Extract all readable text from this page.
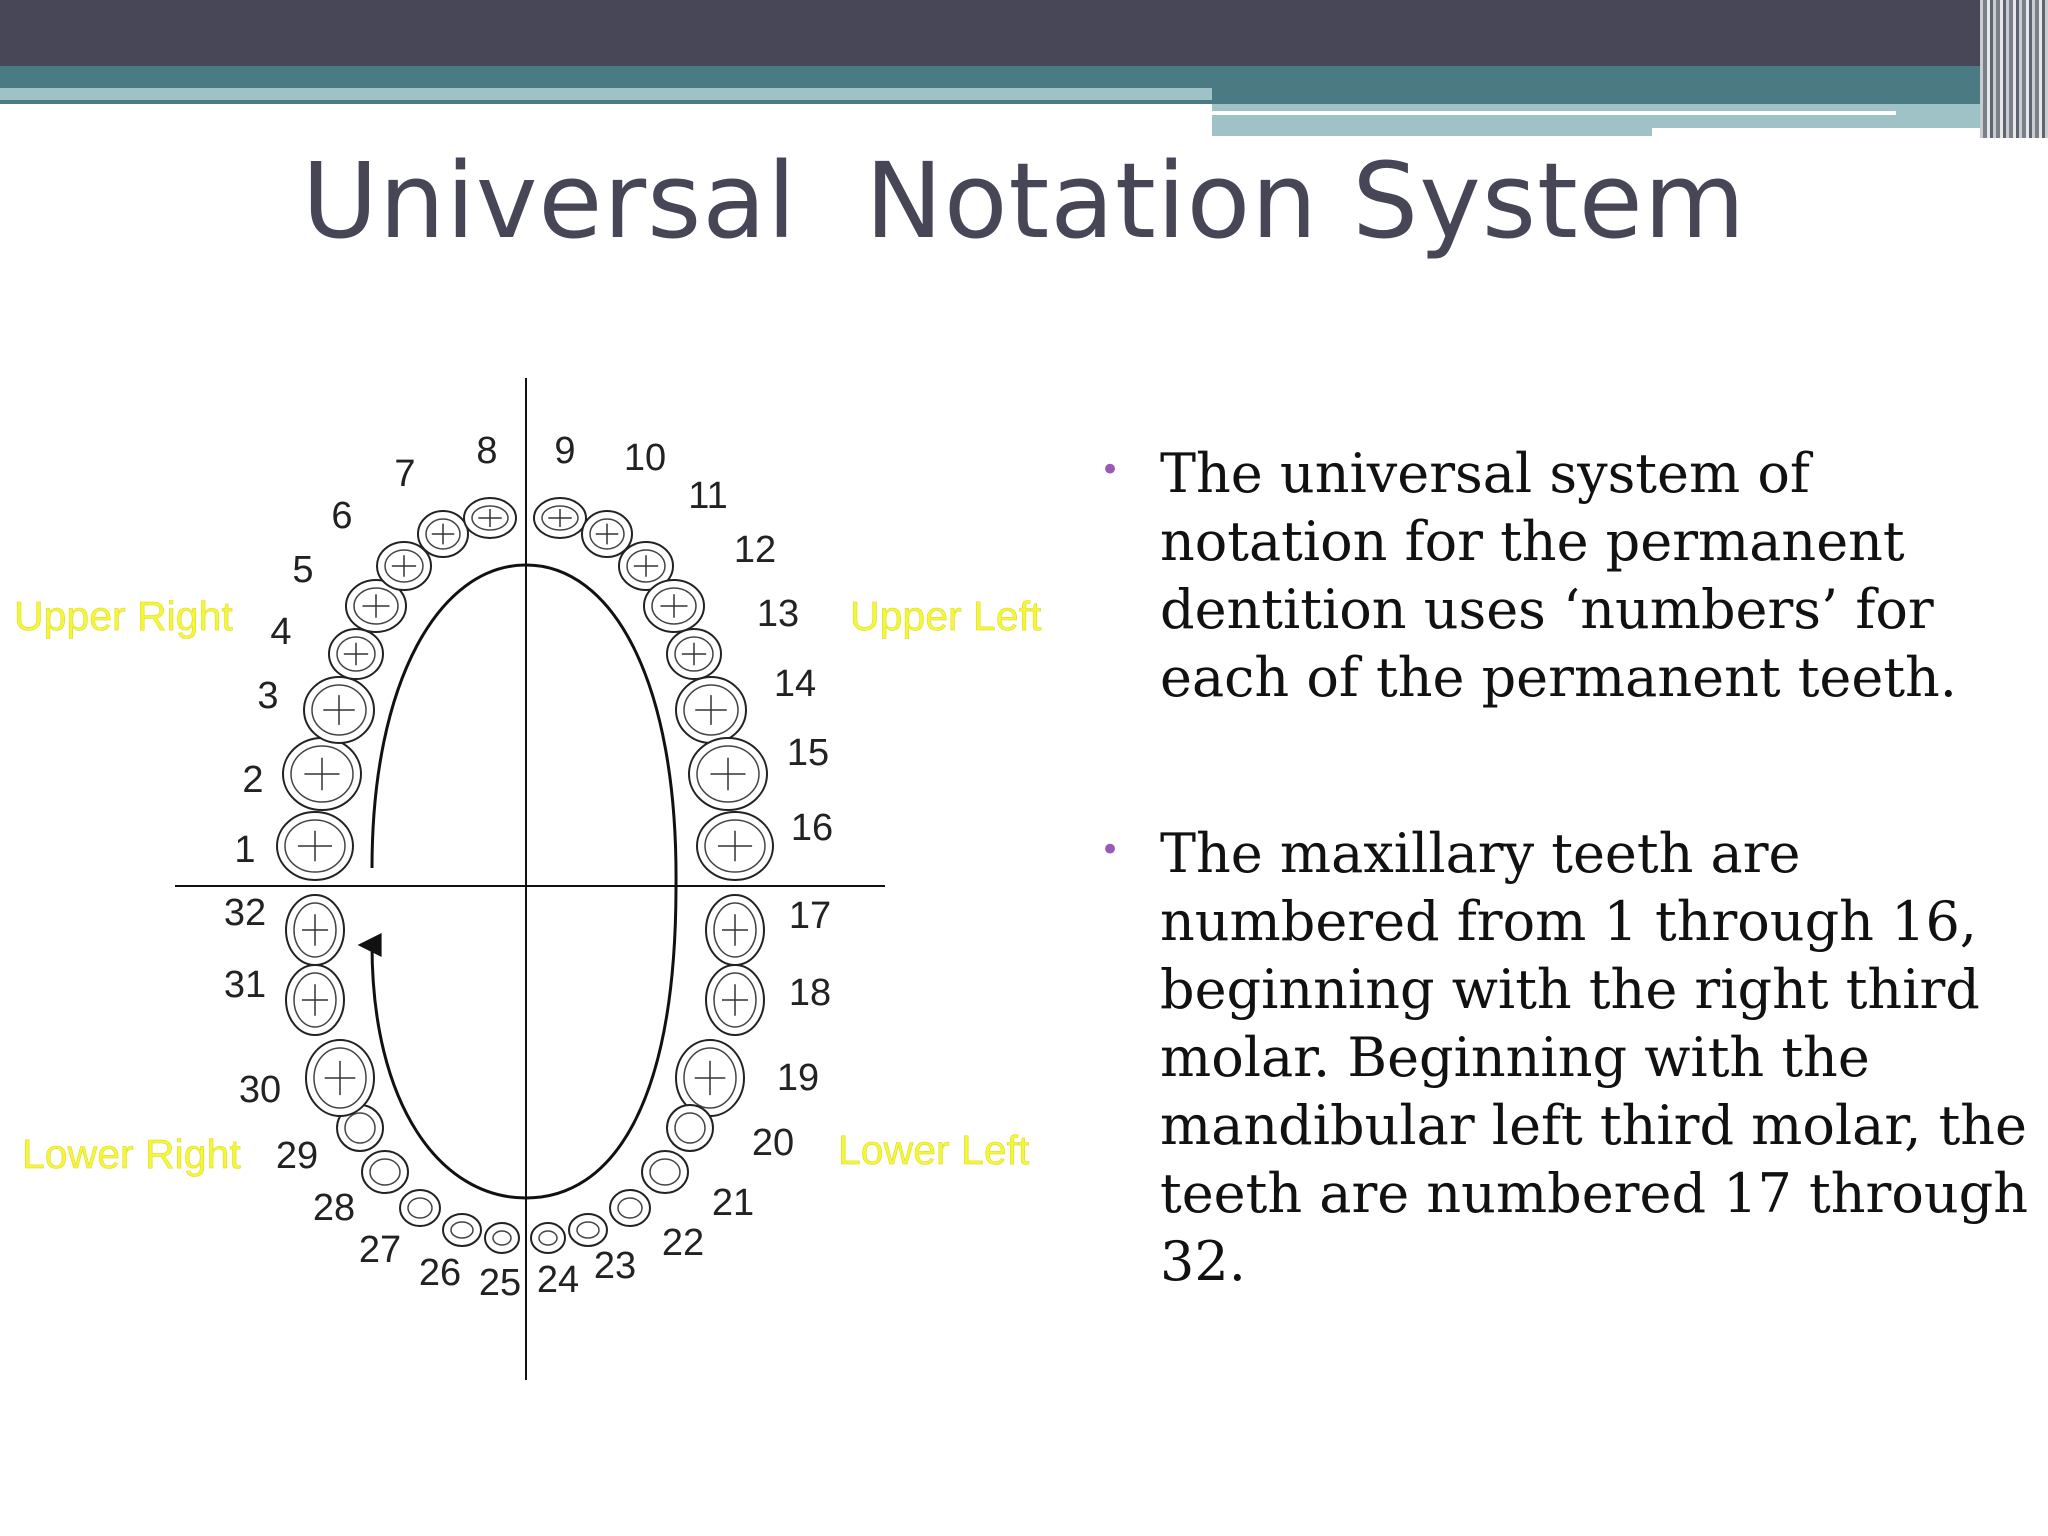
Universal  Notation System
1
2
3
4
5
6
7
8 9 10
11
12
13
14
15
16
17
18
19
20
21
22
23
24
25
26
27
28
29
30
31
32
Upper Right	Upper Left
Lower Right	Lower Left
• The universal system of notation for the permanent dentition uses ‘numbers’ for each of the permanent teeth.
• The maxillary teeth are numbered from 1 through 16, beginning with the right third molar. Beginning with the mandibular left third molar, the teeth are numbered 17 through 32.
